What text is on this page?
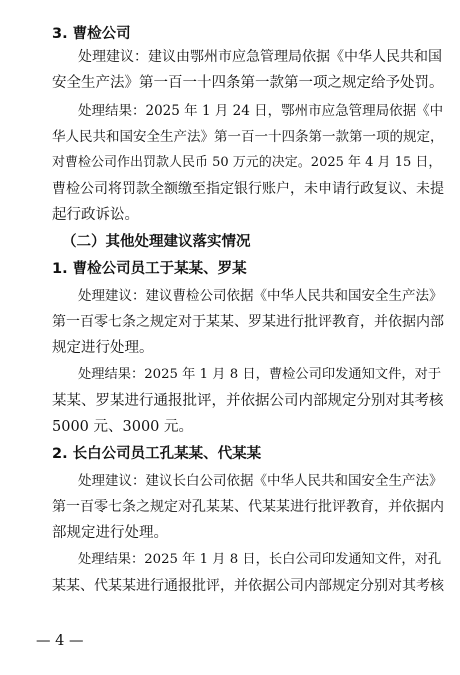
3. 曹检公司
处理建议：建议由鄂州市应急管理局依据《中华人民共和国
安全生产法》第一百一十四条第一款第一项之规定给予处罚。
处理结果：2025 年 1 月 24 日，鄂州市应急管理局依据《中
华人民共和国安全生产法》第一百一十四条第一款第一项的规定，
对曹检公司作出罚款人民币 50 万元的决定。2025 年 4 月 15 日，
曹检公司将罚款全额缴至指定银行账户，未申请行政复议、未提
起行政诉讼。
（二）其他处理建议落实情况
1. 曹检公司员工于某某、罗某
处理建议：建议曹检公司依据《中华人民共和国安全生产法》
第一百零七条之规定对于某某、罗某进行批评教育，并依据内部
规定进行处理。
处理结果：2025 年 1 月 8 日，曹检公司印发通知文件，对于
某某、罗某进行通报批评，并依据公司内部规定分别对其考核
5000 元、3000 元。
2. 长白公司员工孔某某、代某某
处理建议：建议长白公司依据《中华人民共和国安全生产法》
第一百零七条之规定对孔某某、代某某进行批评教育，并依据内
部规定进行处理。
处理结果：2025 年 1 月 8 日，长白公司印发通知文件，对孔
某某、代某某进行通报批评，并依据公司内部规定分别对其考核
— 4 —
